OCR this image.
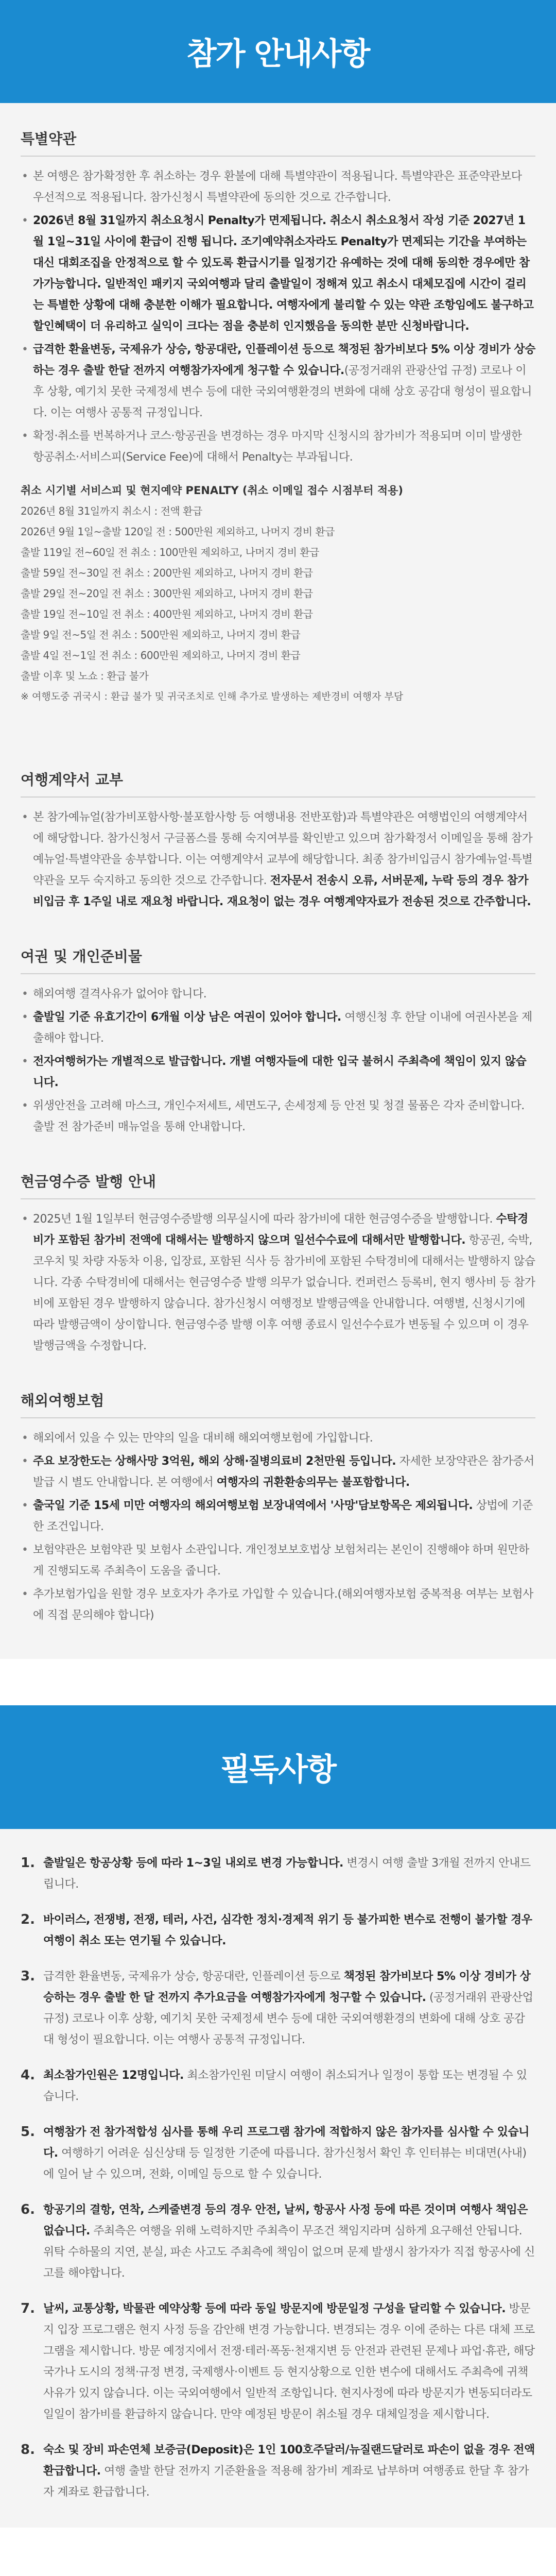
참가 안내사항
특별약관
• 본 여행은 참가확정한 후 취소하는 경우 환불에 대해 특별약관이 적용됩니다. 특별약관은 표준약관보다 우선적으로 적용됩니다. 참가신청시 특별약관에 동의한 것으로 간주합니다.
• 2026년 8월 31일까지 취소요청시 Penalty가 면제됩니다. 취소시 취소요청서 작성 기준 2027년 1월 1일~31일 사이에 환급이 진행 됩니다. 조기예약취소자라도 Penalty가 면제되는 기간을 부여하는 대신 대회조집을 안정적으로 할 수 있도록 환급시기를 일정기간 유예하는 것에 대해 동의한 경우에만 참가가능합니다. 일반적인 패키지 국외여행과 달리 출발일이 정해져 있고 취소시 대체모집에 시간이 걸리는 특별한 상황에 대해 충분한 이해가 필요합니다. 여행자에게 불리할 수 있는 약관 조항임에도 불구하고 할인혜택이 더 유리하고 실익이 크다는 점을 충분히 인지했음을 동의한 분만 신청바랍니다.
• 급격한 환율변동, 국제유가 상승, 항공대란, 인플레이션 등으로 책정된 참가비보다 5% 이상 경비가 상승하는 경우 출발 한달 전까지 여행참가자에게 청구할 수 있습니다.(공정거래위 관광산업 규정) 코로나 이후 상황, 예기치 못한 국제정세 변수 등에 대한 국외여행환경의 변화에 대해 상호 공감대 형성이 필요합니다. 이는 여행사 공통적 규정입니다.
• 확정·취소를 번복하거나 코스·항공권을 변경하는 경우 마지막 신청시의 참가비가 적용되며 이미 발생한 항공취소·서비스피(Service Fee)에 대해서 Penalty는 부과됩니다.
취소 시기별 서비스피 및 현지예약 PENALTY (취소 이메일 접수 시점부터 적용)
2026년 8월 31일까지 취소시 : 전액 환급
2026년 9월 1일~출발 120일 전 : 500만원 제외하고, 나머지 경비 환급
출발 119일 전~60일 전 취소 : 100만원 제외하고, 나머지 경비 환급
출발 59일 전~30일 전 취소 : 200만원 제외하고, 나머지 경비 환급
출발 29일 전~20일 전 취소 : 300만원 제외하고, 나머지 경비 환급
출발 19일 전~10일 전 취소 : 400만원 제외하고, 나머지 경비 환급
출발 9일 전~5일 전 취소 : 500만원 제외하고, 나머지 경비 환급
출발 4일 전~1일 전 취소 : 600만원 제외하고, 나머지 경비 환급
출발 이후 및 노쇼 : 환급 불가
※ 여행도중 귀국시 : 환급 불가 및 귀국조치로 인해 추가로 발생하는 제반경비 여행자 부담
여행계약서 교부
• 본 참가예뉴얼(참가비포함사항·불포함사항 등 여행내용 전반포함)과 특별약관은 여행법인의 여행계약서에 해당합니다. 참가신청서 구글폼스를 통해 숙지여부를 확인받고 있으며 참가확정서 이메일을 통해 참가예뉴얼·특별약관을 송부합니다. 이는 여행계약서 교부에 해당합니다. 최종 참가비입금시 참가예뉴얼·특별약관을 모두 숙지하고 동의한 것으로 간주합니다. 전자문서 전송시 오류, 서버문제, 누락 등의 경우 참가비입금 후 1주일 내로 재요청 바랍니다. 재요청이 없는 경우 여행계약자료가 전송된 것으로 간주합니다.
여권 및 개인준비물
• 해외여행 결격사유가 없어야 합니다.
• 출발일 기준 유효기간이 6개월 이상 남은 여권이 있어야 합니다. 여행신청 후 한달 이내에 여권사본을 제출해야 합니다.
• 전자여행허가는 개별적으로 발급합니다. 개별 여행자들에 대한 입국 불허시 주최측에 책임이 있지 않습니다.
• 위생안전을 고려해 마스크, 개인수저세트, 세면도구, 손세정제 등 안전 및 청결 물품은 각자 준비합니다. 출발 전 참가준비 매뉴얼을 통해 안내합니다.
현금영수증 발행 안내
• 2025년 1월 1일부터 현금영수증발행 의무실시에 따라 참가비에 대한 현금영수증을 발행합니다. 수탁경비가 포함된 참가비 전액에 대해서는 발행하지 않으며 일선수수료에 대해서만 발행합니다. 항공권, 숙박, 코우치 및 차량 자동차 이용, 입장료, 포함된 식사 등 참가비에 포함된 수탁경비에 대해서는 발행하지 않습니다. 각종 수탁경비에 대해서는 현금영수증 발행 의무가 없습니다. 컨퍼런스 등록비, 현지 행사비 등 참가비에 포함된 경우 발행하지 않습니다. 참가신청시 여행정보 발행금액을 안내합니다. 여행별, 신청시기에 따라 발행금액이 상이합니다. 현금영수증 발행 이후 여행 종료시 일선수수료가 변동될 수 있으며 이 경우 발행금액을 수정합니다.
해외여행보험
• 해외에서 있을 수 있는 만약의 일을 대비해 해외여행보험에 가입합니다.
• 주요 보장한도는 상해사망 3억원, 해외 상해·질병의료비 2천만원 등입니다. 자세한 보장약관은 참가증서 발급 시 별도 안내합니다. 본 여행에서 여행자의 귀환환송의무는 불포함합니다.
• 출국일 기준 15세 미만 여행자의 해외여행보험 보장내역에서 '사망'담보항목은 제외됩니다. 상법에 기준한 조건입니다.
• 보험약관은 보험약관 및 보험사 소관입니다. 개인정보보호법상 보험처리는 본인이 진행해야 하며 원만하게 진행되도록 주최측이 도움을 줍니다.
• 추가보험가입을 원할 경우 보호자가 추가로 가입할 수 있습니다.(해외여행자보험 중복적용 여부는 보험사에 직접 문의해야 합니다)
필독사항
1. 출발일은 항공상황 등에 따라 1~3일 내외로 변경 가능합니다. 변경시 여행 출발 3개월 전까지 안내드립니다.
2. 바이러스, 전쟁병, 전쟁, 테러, 사건, 심각한 정치·경제적 위기 등 불가피한 변수로 전행이 불가할 경우 여행이 취소 또는 연기될 수 있습니다.
3. 급격한 환율변동, 국제유가 상승, 항공대란, 인플레이션 등으로 책정된 참가비보다 5% 이상 경비가 상승하는 경우 출발 한 달 전까지 추가요금을 여행참가자에게 청구할 수 있습니다. (공정거래위 관광산업 규정) 코로나 이후 상황, 예기치 못한 국제정세 변수 등에 대한 국외여행환경의 변화에 대해 상호 공감대 형성이 필요합니다. 이는 여행사 공통적 규정입니다.
4. 최소참가인원은 12명입니다. 최소참가인원 미달시 여행이 취소되거나 일정이 통합 또는 변경될 수 있습니다.
5. 여행참가 전 참가적합성 심사를 통해 우리 프로그램 참가에 적합하지 않은 참가자를 심사할 수 있습니다. 여행하기 어려운 심신상태 등 일정한 기준에 따릅니다. 참가신청서 확인 후 인터뷰는 비대면(사내)에 일어 날 수 있으며, 전화, 이메일 등으로 할 수 있습니다.
6. 항공기의 결항, 연착, 스케줄변경 등의 경우 안전, 날씨, 항공사 사정 등에 따른 것이며 여행사 책임은 없습니다. 주최측은 여행을 위해 노력하지만 주최측이 무조건 책임지라며 심하게 요구해선 안됩니다. 위탁 수하물의 지연, 분실, 파손 사고도 주최측에 책임이 없으며 문제 발생시 참가자가 직접 항공사에 신고를 해야합니다.
7. 날씨, 교통상황, 박물관 예약상황 등에 따라 동일 방문지에 방문일정 구성을 달리할 수 있습니다. 방문지 입장 프로그램은 현지 사정 등을 감안해 변경 가능합니다. 변경되는 경우 이에 준하는 다른 대체 프로그램을 제시합니다. 방문 예정지에서 전쟁·테러·폭동·천재지변 등 안전과 관련된 문제나 파업·휴관, 해당국가나 도시의 정책·규정 변경, 국제행사·이벤트 등 현지상황으로 인한 변수에 대해서도 주최측에 귀책사유가 있지 않습니다. 이는 국외여행에서 일반적 조항입니다. 현지사정에 따라 방문지가 변동되더라도 일일이 참가비를 환급하지 않습니다. 만약 예정된 방문이 취소될 경우 대체일정을 제시합니다.
8. 숙소 및 장비 파손연체 보증금(Deposit)은 1인 100호주달러/뉴질랜드달러로 파손이 없을 경우 전액 환급합니다. 여행 출발 한달 전까지 기준환율을 적용해 참가비 계좌로 납부하며 여행종료 한달 후 참가자 계좌로 환급합니다.
